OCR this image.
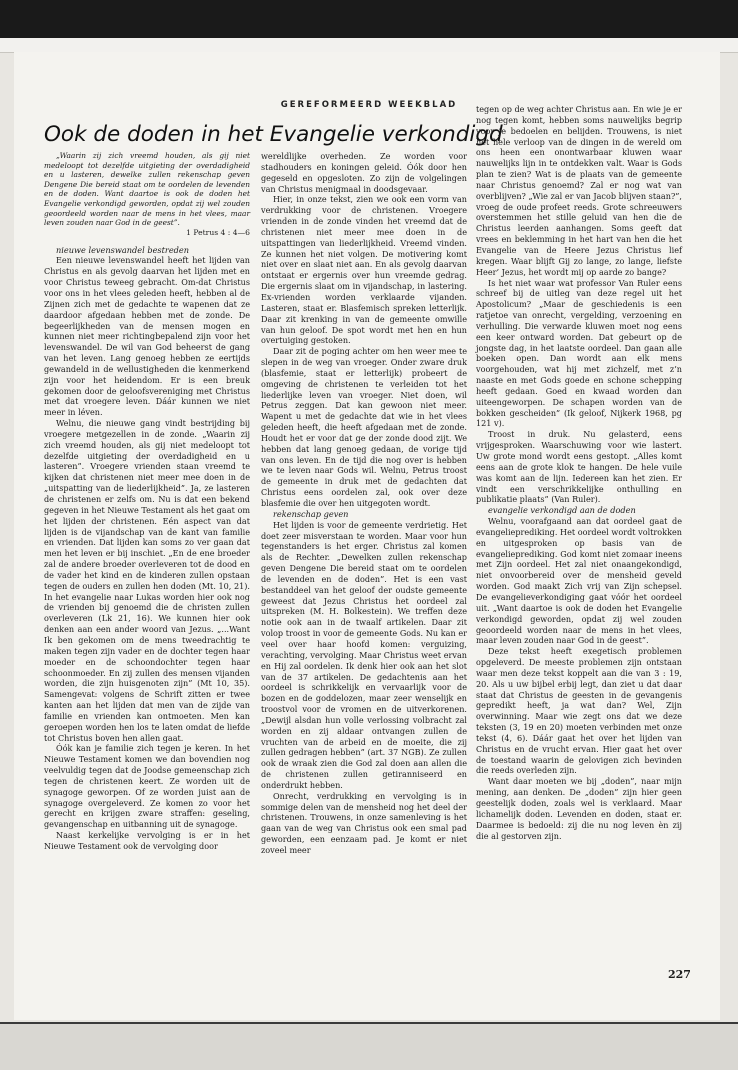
GEREFORMEERD WEEKBLAD
Ook de doden in het Evangelie verkondigd

„Waarin zij zich vreemd houden, als gij niet medeloopt tot dezelfde uitgieting der overdadigheid en u lasteren, dewelke zullen rekenschap geven Dengene Die bereid staat om te oordelen de levenden en de doden. Want daartoe is ook de doden het Evangelie verkondigd geworden, opdat zij wel zouden geoordeeld worden naar de mens in het vlees, maar leven zouden naar God in de geest”.

1 Petrus 4 : 4—6

nieuwe levenswandel bestreden

Een nieuwe levenswandel heeft het lijden van Christus en als gevolg daarvan het lijden met en voor Christus teweeg gebracht. Om-dat Christus voor ons in het vlees geleden heeft, hebben al de Zijnen zich met de gedachte te wapenen dat ze daardoor afgedaan hebben met de zonde. De begeerlijkheden van de mensen mogen en kunnen niet meer richtingbepalend zijn voor het levenswandel. De wil van God beheerst de gang van het leven. Lang genoeg hebben ze eertijds gewandeld in de wellustigheden die kenmerkend zijn voor het heidendom. Er is een breuk gekomen door de geloofsvereniging met Christus met dat vroegere leven. Dáár kunnen we niet meer in léven.

Welnu, die nieuwe gang vindt bestrijding bij vroegere metgezellen in de zonde. „Waarin zij zich vreemd houden, als gij niet medeloopt tot dezelfde uitgieting der overdadigheid en u lasteren”. Vroegere vrienden staan vreemd te kijken dat christenen niet meer mee doen in de „uitspatting van de liederlijkheid”. Ja, ze lasteren de christenen er zelfs om. Nu is dat een bekend gegeven in het Nieuwe Testament als het gaat om het lijden der christenen. Eén aspect van dat lijden is de vijandschap van de kant van familie en vrienden. Dat lijden kan soms zo ver gaan dat men het leven er bij inschiet. „En de ene broeder zal de andere broeder overleveren tot de dood en de vader het kind en de kinderen zullen opstaan tegen de ouders en zullen hen doden (Mt. 10, 21). In het evangelie naar Lukas worden hier ook nog de vrienden bij genoemd die de christen zullen overleveren (Lk 21, 16). We kunnen hier ook denken aan een ander woord van Jezus. „...Want Ik ben gekomen om de mens tweedrachtig te maken tegen zijn vader en de dochter tegen haar moeder en de schoondochter tegen haar schoonmoeder. En zij zullen des mensen vijanden worden, die zijn huisgenoten zijn” (Mt 10, 35). Samengevat: volgens de Schrift zitten er twee kanten aan het lijden dat men van de zijde van familie en vrienden kan ontmoeten. Men kan geroepen worden hen los te laten omdat de liefde tot Christus boven hen allen gaat.

Óók kan je familie zich tegen je keren. In het Nieuwe Testament komen we dan bovendien nog veelvuldig tegen dat de Joodse gemeenschap zich tegen de christenen keert. Ze worden uit de synagoge geworpen. Of ze worden juist aan de synagoge overgeleverd. Ze komen zo voor het gerecht en krijgen zware straffen: geseling, gevangenschap en uitbanning uit de synagoge.

Naast kerkelijke vervolging is er in het Nieuwe Testament ook de vervolging door

wereldlijke overheden. Ze worden voor stadhouders en koningen geleid. Óók door hen gegeseld en opgesloten. Zo zijn de volgelingen van Christus menigmaal in doodsgevaar.

Hier, in onze tekst, zien we ook een vorm van verdrukking voor de christenen. Vroegere vrienden in de zonde vinden het vreemd dat de christenen niet meer mee doen in de uitspattingen van liederlijkheid. Vreemd vinden. Ze kunnen het niet volgen. De motivering komt niet over en slaat niet aan. En als gevolg daarvan ontstaat er ergernis over hun vreemde gedrag. Die ergernis slaat om in vijandschap, in lastering. Ex-vrienden worden verklaarde vijanden. Lasteren, staat er. Blasfemisch spreken letterlijk. Daar zit krenking in van de gemeente omwille van hun geloof. De spot wordt met hen en hun overtuiging gestoken.

Daar zit de poging achter om hen weer mee te slepen in de weg van vroeger. Onder zware druk (blasfemie, staat er letterlijk) probeert de omgeving de christenen te verleiden tot het liederlijke leven van vroeger. Niet doen, wil Petrus zeggen. Dat kan gewoon niet meer. Wapent u met de gedachte dat wie in het vlees geleden heeft, die heeft afgedaan met de zonde. Houdt het er voor dat ge der zonde dood zijt. We hebben dat lang genoeg gedaan, de vorige tijd van ons leven. En de tijd die nog over is hebben we te leven naar Gods wil. Welnu, Petrus troost de gemeente in druk met de gedachten dat Christus eens oordelen zal, ook over deze blasfemie die over hen uitgegoten wordt.

rekenschap geven

Het lijden is voor de gemeente verdrietig. Het doet zeer misverstaan te worden. Maar voor hun tegenstanders is het erger. Christus zal komen als de Rechter. „Dewelken zullen rekenschap geven Dengene Die bereid staat om te oordelen de levenden en de doden”. Het is een vast bestanddeel van het geloof der oudste gemeente geweest dat Jezus Christus het oordeel zal uitspreken (M. H. Bolkestein). We treffen deze notie ook aan in de twaalf artikelen. Daar zit volop troost in voor de gemeente Gods. Nu kan er veel over haar hoofd komen: verguizing, verachting, vervolging. Maar Christus weet ervan en Hij zal oordelen. Ik denk hier ook aan het slot van de 37 artikelen. De gedachtenis aan het oordeel is schrikkelijk en vervaarlijk voor de bozen en de goddelozen, maar zeer wenselijk en troostvol voor de vromen en de uitverkorenen. „Dewijl alsdan hun volle verlossing volbracht zal worden en zij aldaar ontvangen zullen de vruchten van de arbeid en de moeite, die zij zullen gedragen hebben” (art. 37 NGB). Ze zullen ook de wraak zien die God zal doen aan allen die de christenen zullen getiranniseerd en onderdrukt hebben.

Onrecht, verdrukking en vervolging is in sommige delen van de mensheid nog het deel der christenen. Trouwens, in onze samenleving is het gaan van de weg van Christus ook een smal pad geworden, een eenzaam pad. Je komt er niet zoveel meer

tegen op de weg achter Christus aan. En wie je er nog tegen komt, hebben soms nauwelijks begrip voor je bedoelen en belijden. Trouwens, is niet het hele verloop van de dingen in de wereld om ons heen een onontwarbaar kluwen waar nauwelijks lijn in te ontdekken valt. Waar is Gods plan te zien? Wat is de plaats van de gemeente naar Christus genoemd? Zal er nog wat van overblijven? „Wie zal er van Jacob blijven staan?”, vroeg de oude profeet reeds. Grote schreeuwers overstemmen het stille geluid van hen die de Christus leerden aanhangen. Soms geeft dat vrees en beklemming in het hart van hen die het Evangelie van de Heere Jezus Christus lief kregen. Waar blijft Gij zo lange, zo lange, liefste Heer’ Jezus, het wordt mij op aarde zo bange?

Is het niet waar wat professor Van Ruler eens schreef bij de uitleg van deze regel uit het Apostolicum? „Maar de geschiedenis is een ratjetoe van onrecht, vergelding, verzoening en verhulling. Die verwarde kluwen moet nog eens een keer ontward worden. Dat gebeurt op de jongste dag, in het laatste oordeel. Dan gaan alle boeken open. Dan wordt aan elk mens voorgehouden, wat hij met zichzelf, met z’n naaste en met Gods goede en schone schepping heeft gedaan. Goed en kwaad worden dan uiteengeworpen. De schapen worden van de bokken gescheiden” (Ik geloof, Nijkerk 1968, pg 121 v).

Troost in druk. Nu gelasterd, eens vrijgesproken. Waarschuwing voor wie lastert. Uw grote mond wordt eens gestopt. „Alles komt eens aan de grote klok te hangen. De hele vuile was komt aan de lijn. Iedereen kan het zien. Er vindt een verschrikkelijke onthulling en publikatie plaats” (Van Ruler).

evangelie verkondigd aan de doden

Welnu, voorafgaand aan dat oordeel gaat de evangelieprediking. Het oordeel wordt voltrokken en uitgesproken op basis van de evangelieprediking. God komt niet zomaar ineens met Zijn oordeel. Het zal niet onaangekondigd, niet onvoorbereid over de mensheid geveld worden. God maakt Zich vrij van Zijn schepsel. De evangelieverkondiging gaat vóór het oordeel uit. „Want daartoe is ook de doden het Evangelie verkondigd geworden, opdat zij wel zouden geoordeeld worden naar de mens in het vlees, maar leven zouden naar God in de geest”.

Deze tekst heeft exegetisch problemen opgeleverd. De meeste problemen zijn ontstaan waar men deze tekst koppelt aan die van 3 : 19, 20. Als u uw bijbel erbij legt, dan ziet u dat daar staat dat Christus de geesten in de gevangenis gepredikt heeft, ja wat dan? Wel, Zijn overwinning. Maar wie zegt ons dat we deze teksten (3, 19 en 20) moeten verbinden met onze tekst (4, 6). Dáár gaat het over het lijden van Christus en de vrucht ervan. Hier gaat het over de toestand waarin de gelovigen zich bevinden die reeds overleden zijn.

Want daar moeten we bij „doden”, naar mijn mening, aan denken. De „doden” zijn hier geen geestelijk doden, zoals wel is verklaard. Maar lichamelijk doden. Levenden en doden, staat er. Daarmee is bedoeld: zij die nu nog leven èn zij die al gestorven zijn.

227
